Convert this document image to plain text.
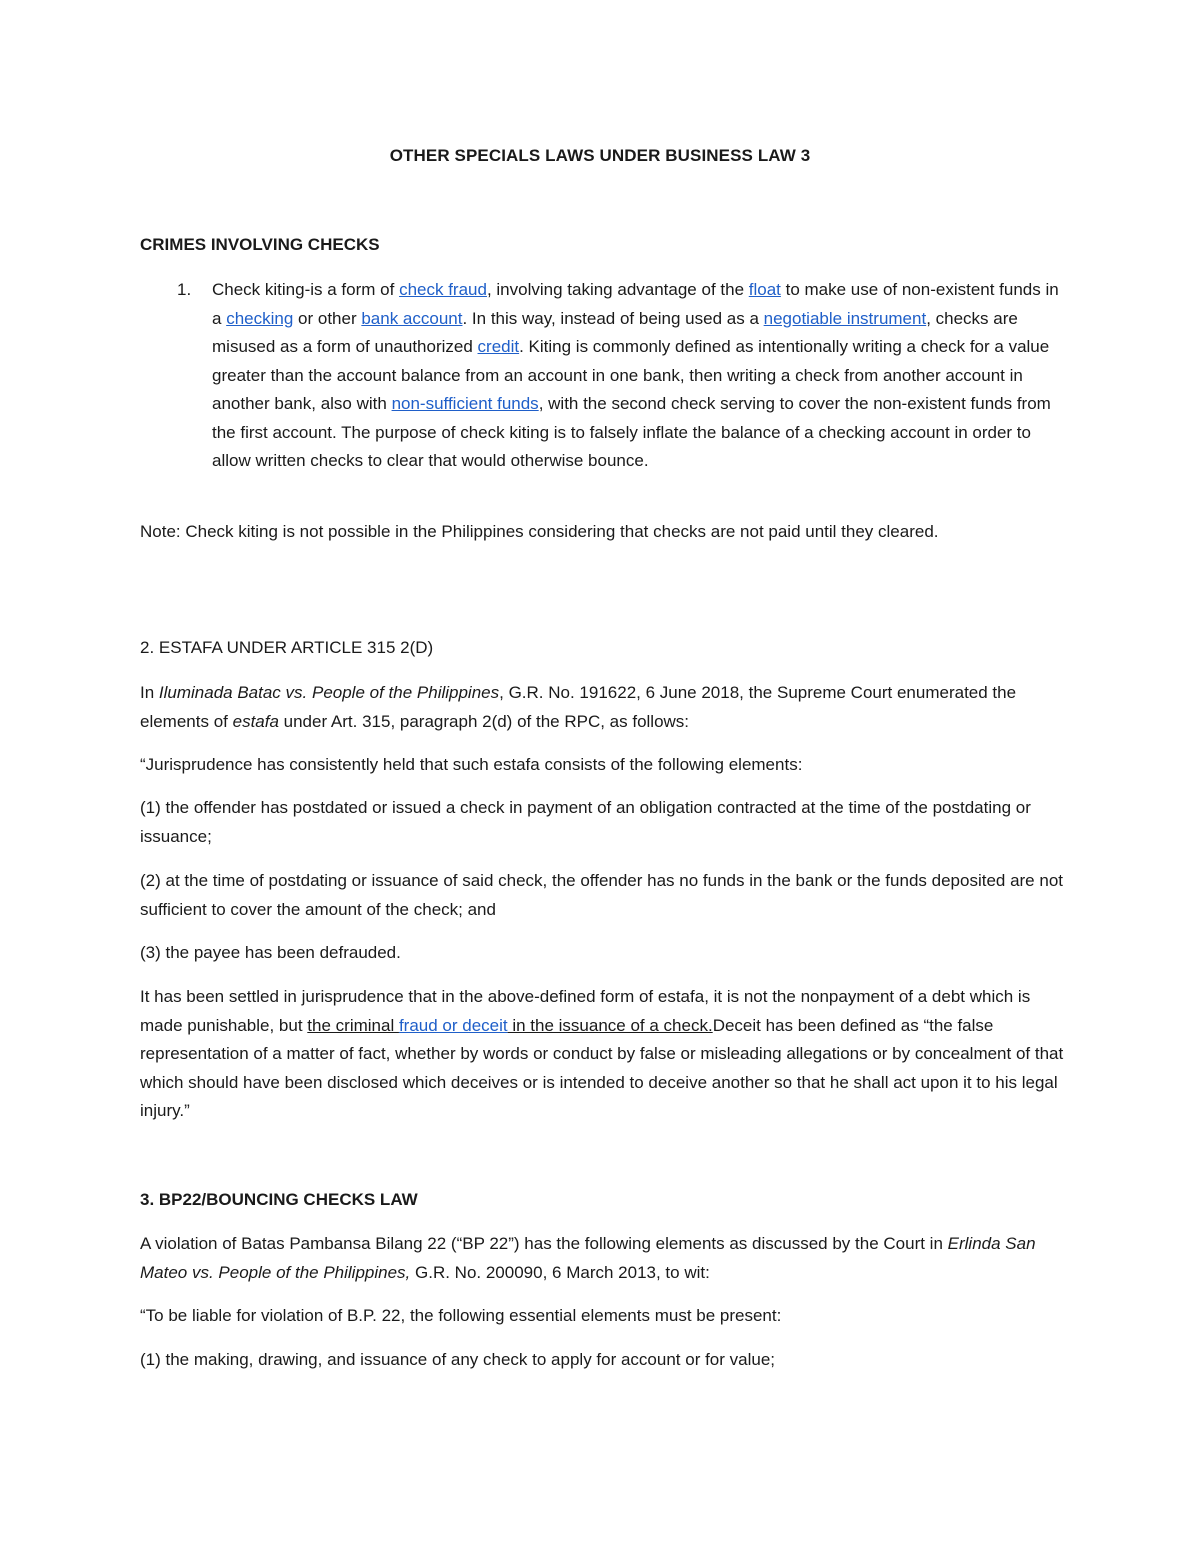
OTHER SPECIALS LAWS UNDER BUSINESS LAW 3
CRIMES INVOLVING CHECKS
1. Check kiting-is a form of check fraud, involving taking advantage of the float to make use of non-existent funds in a checking or other bank account. In this way, instead of being used as a negotiable instrument, checks are misused as a form of unauthorized credit. Kiting is commonly defined as intentionally writing a check for a value greater than the account balance from an account in one bank, then writing a check from another account in another bank, also with non-sufficient funds, with the second check serving to cover the non-existent funds from the first account. The purpose of check kiting is to falsely inflate the balance of a checking account in order to allow written checks to clear that would otherwise bounce.

Note: Check kiting is not possible in the Philippines considering that checks are not paid until they cleared.

2. ESTAFA UNDER ARTICLE 315 2(D)

In Iluminada Batac vs. People of the Philippines, G.R. No. 191622, 6 June 2018, the Supreme Court enumerated the elements of estafa under Art. 315, paragraph 2(d) of the RPC, as follows:

“Jurisprudence has consistently held that such estafa consists of the following elements:

(1) the offender has postdated or issued a check in payment of an obligation contracted at the time of the postdating or issuance;

(2) at the time of postdating or issuance of said check, the offender has no funds in the bank or the funds deposited are not sufficient to cover the amount of the check; and

(3) the payee has been defrauded.

It has been settled in jurisprudence that in the above-defined form of estafa, it is not the nonpayment of a debt which is made punishable, but the criminal fraud or deceit in the issuance of a check.Deceit has been defined as “the false representation of a matter of fact, whether by words or conduct by false or misleading allegations or by concealment of that which should have been disclosed which deceives or is intended to deceive another so that he shall act upon it to his legal injury.”

3. BP22/BOUNCING CHECKS LAW

A violation of Batas Pambansa Bilang 22 (“BP 22”) has the following elements as discussed by the Court in Erlinda San Mateo vs. People of the Philippines, G.R. No. 200090, 6 March 2013, to wit:

“To be liable for violation of B.P. 22, the following essential elements must be present:

(1) the making, drawing, and issuance of any check to apply for account or for value;
